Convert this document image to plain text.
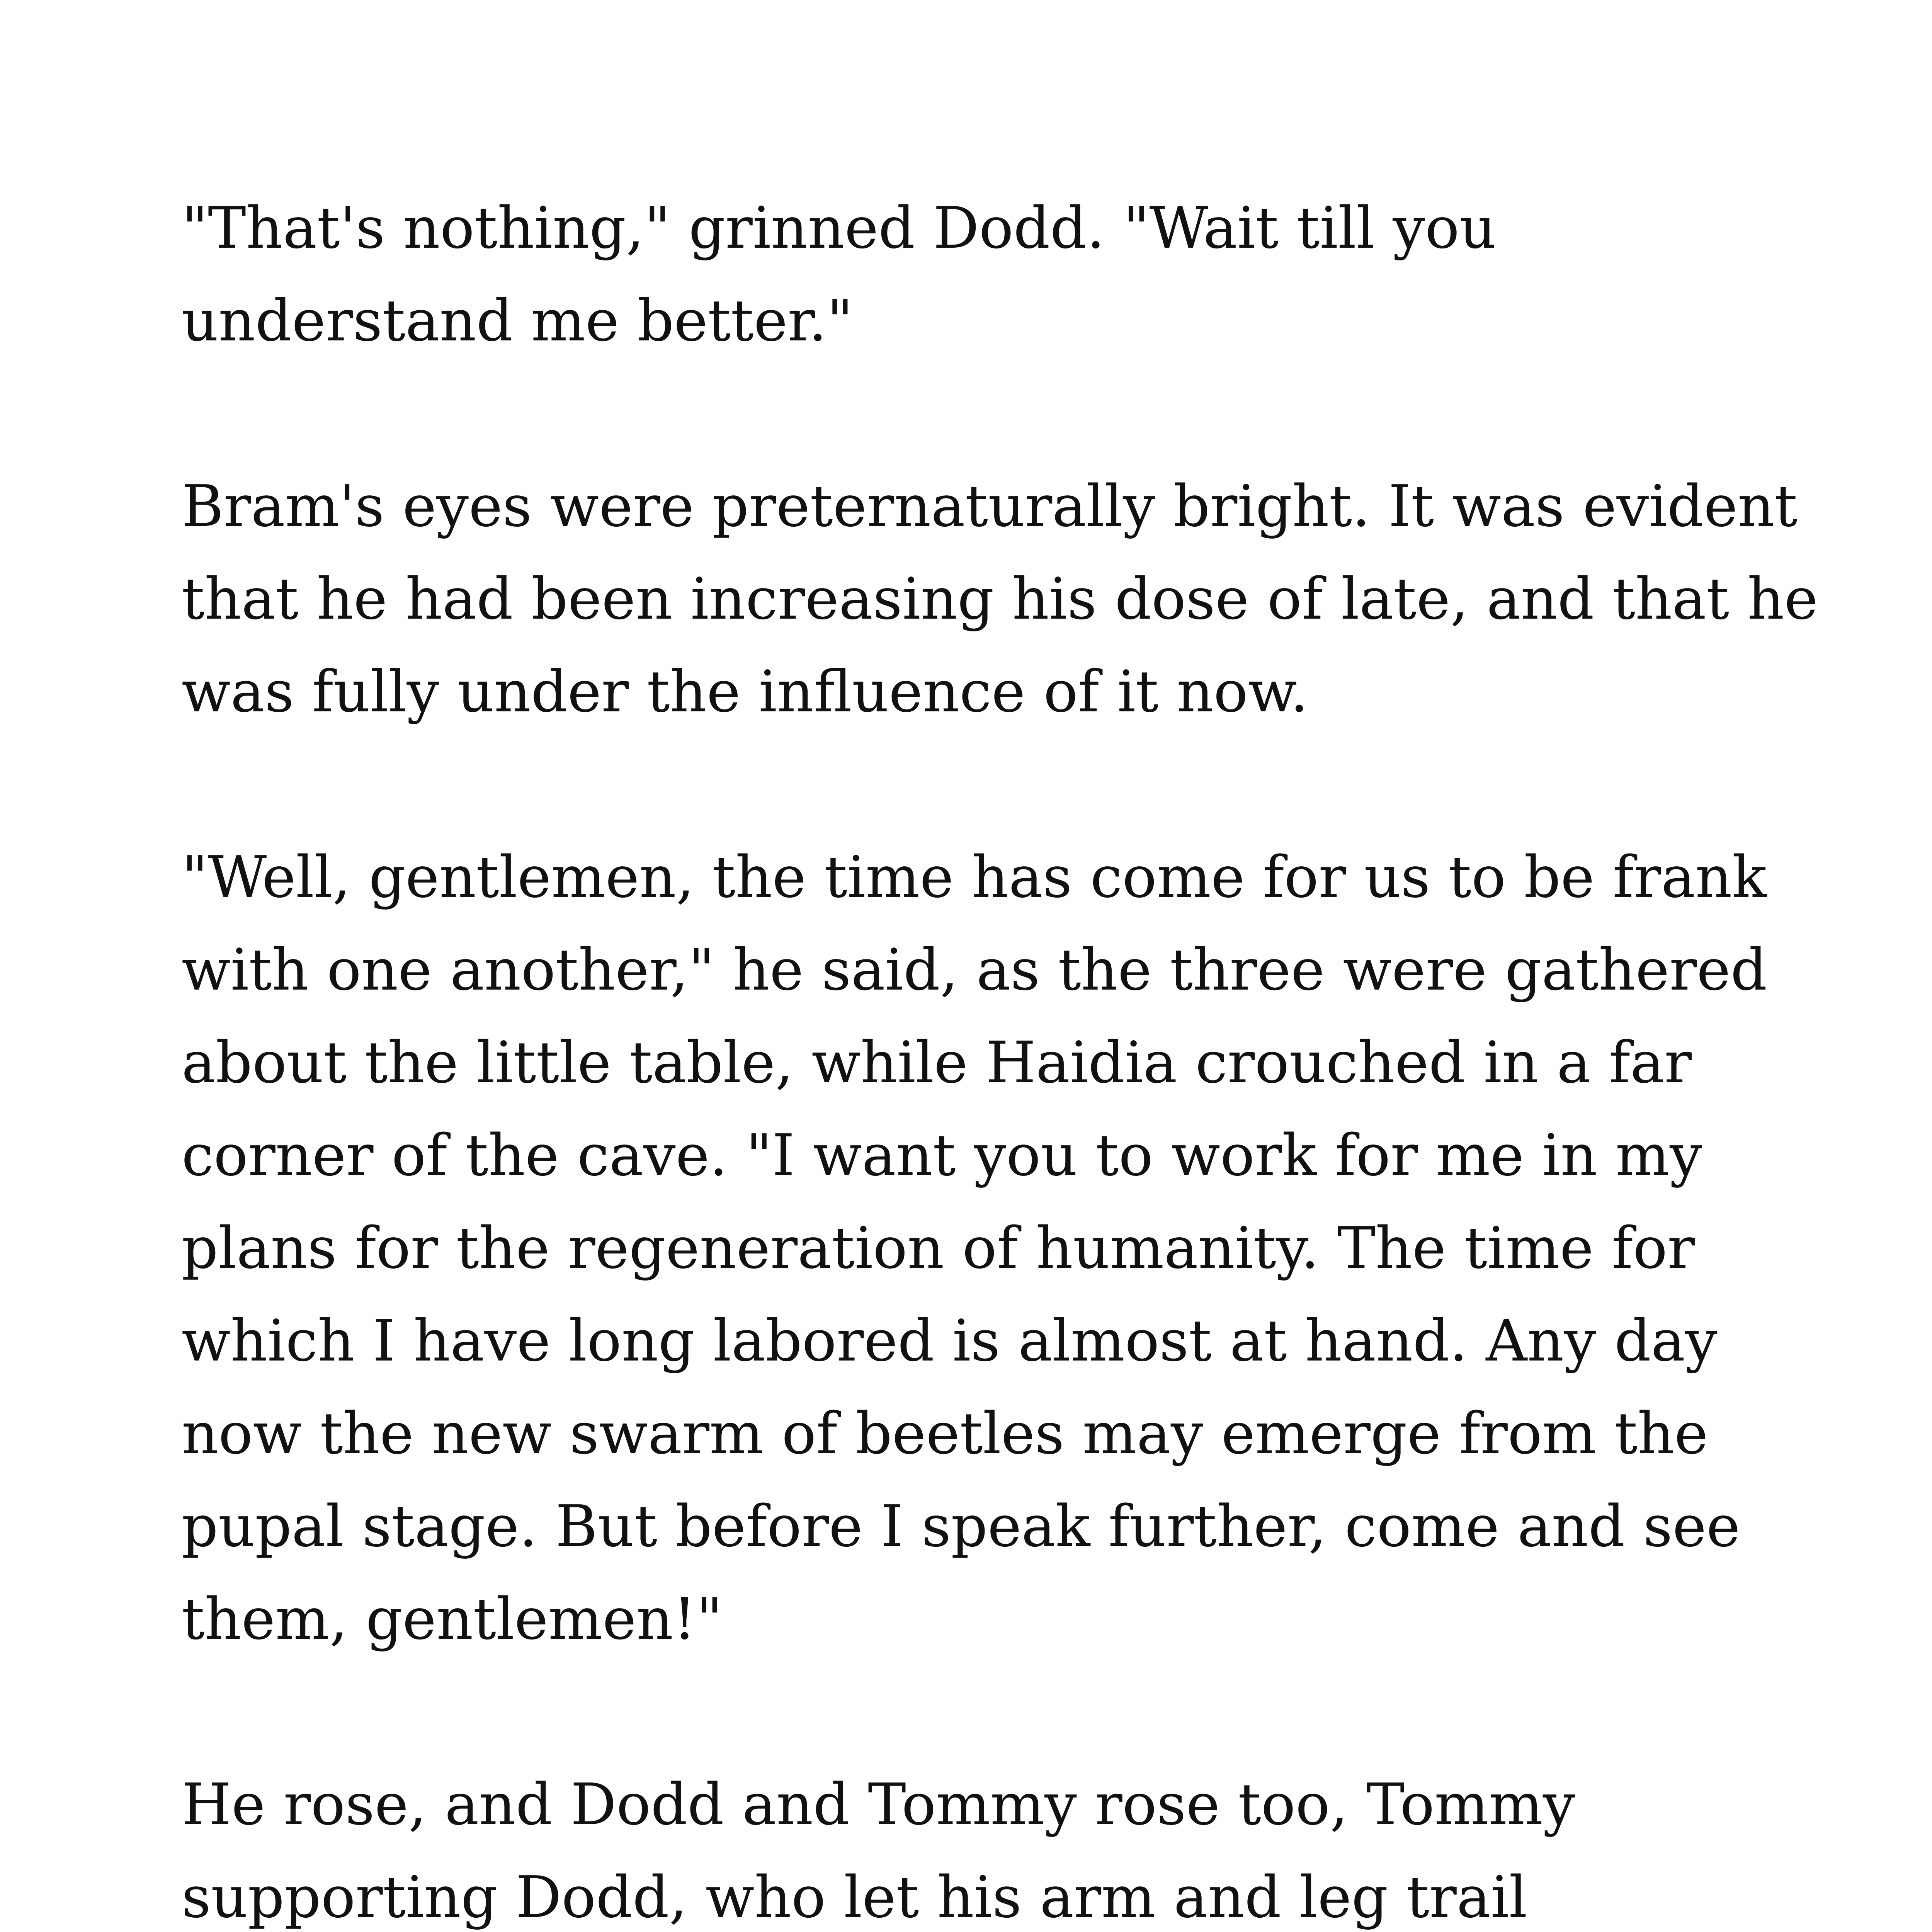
"That's nothing," grinned Dodd. "Wait till you understand me better."

Bram's eyes were preternaturally bright. It was evident that he had been increasing his dose of late, and that he was fully under the influence of it now.

"Well, gentlemen, the time has come for us to be frank with one another," he said, as the three were gathered about the little table, while Haidia crouched in a far corner of the cave. "I want you to work for me in my plans for the regeneration of humanity. The time for which I have long labored is almost at hand. Any day now the new swarm of beetles may emerge from the pupal stage. But before I speak further, come and see them, gentlemen!"

He rose, and Dodd and Tommy rose too, Tommy supporting Dodd, who let his arm and leg trail
